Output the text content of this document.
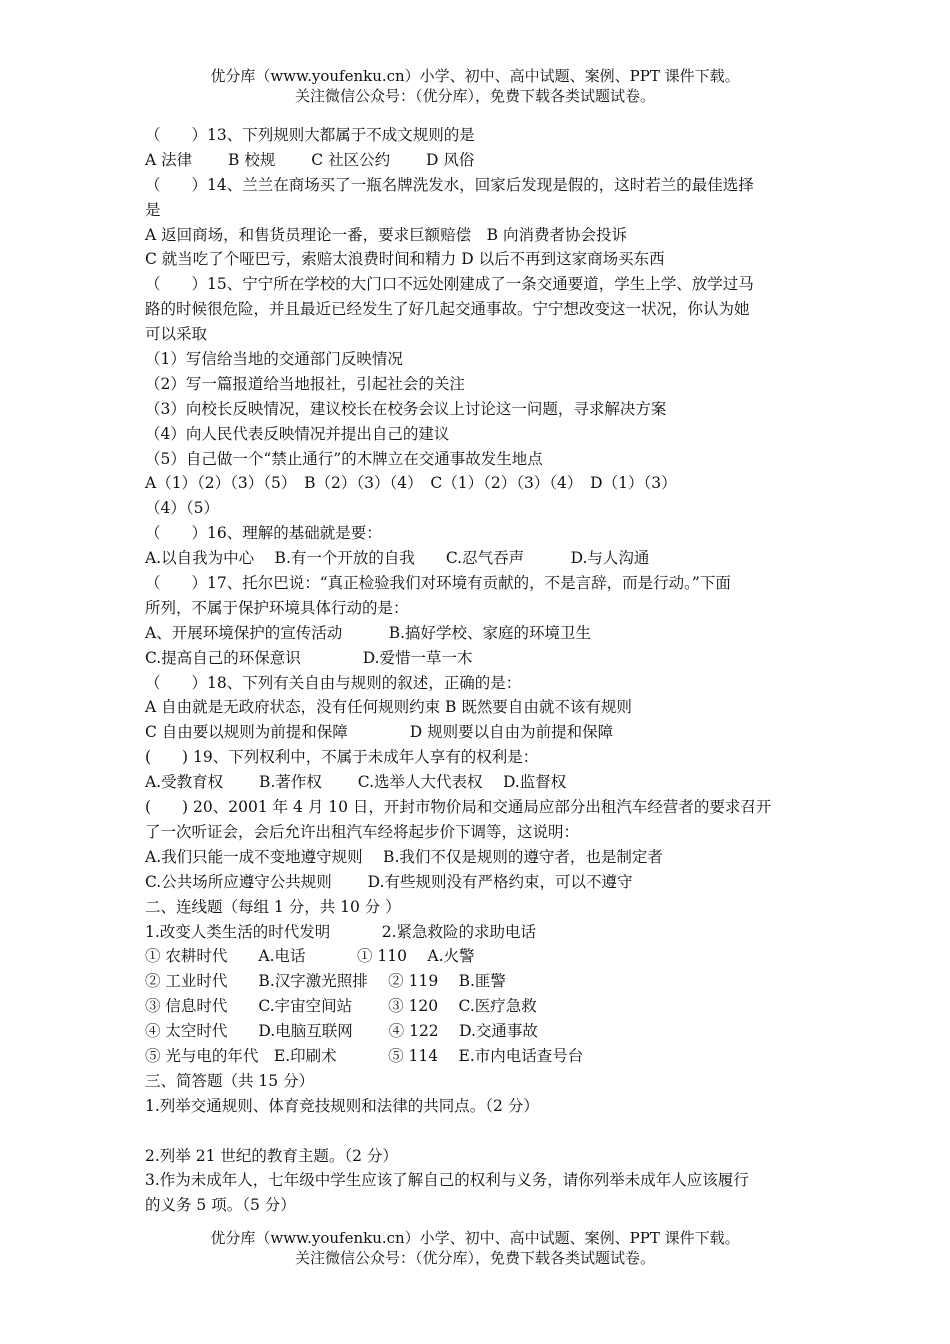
优分库（www.youfenku.cn）小学、初中、高中试题、案例、PPT 课件下载。
关注微信公众号：（优分库），免费下载各类试题试卷。
（　　）13、下列规则大都属于不成文规则的是
A 法律　　 B 校规　　 C 社区公约　　 D 风俗
（　　）14、兰兰在商场买了一瓶名牌洗发水，回家后发现是假的，这时若兰的最佳选择
是
A 返回商场，和售货员理论一番，要求巨额赔偿　B 向消费者协会投诉
C 就当吃了个哑巴亏，索赔太浪费时间和精力 D 以后不再到这家商场买东西
（　　）15、宁宁所在学校的大门口不远处刚建成了一条交通要道，学生上学、放学过马
路的时候很危险，并且最近已经发生了好几起交通事故。宁宁想改变这一状况，你认为她
可以采取
（1）写信给当地的交通部门反映情况
（2）写一篇报道给当地报社，引起社会的关注
（3）向校长反映情况，建议校长在校务会议上讨论这一问题，寻求解决方案
（4）向人民代表反映情况并提出自己的建议
（5）自己做一个“禁止通行”的木牌立在交通事故发生地点
A（1）（2）（3）（5）　B（2）（3）（4）　C（1）（2）（3）（4）　D（1）（3）
（4）（5）
（　　）16、理解的基础就是要：
A.以自我为中心　 B.有一个开放的自我　　C.忍气吞声　　　D.与人沟通
（　　）17、托尔巴说：“真正检验我们对环境有贡献的，不是言辞，而是行动。”下面
所列，不属于保护环境具体行动的是：
A、开展环境保护的宣传活动　　　B.搞好学校、家庭的环境卫生
C.提高自己的环保意识　　　　D.爱惜一草一木
（　　）18、下列有关自由与规则的叙述，正确的是：
A 自由就是无政府状态，没有任何规则约束 B 既然要自由就不该有规则
C 自由要以规则为前提和保障　　　　D 规则要以自由为前提和保障
(　　) 19、下列权利中，不属于未成年人享有的权利是：
A.受教育权　　 B.著作权　　 C.选举人大代表权　 D.监督权
(　　) 20、2001 年 4 月 10 日，开封市物价局和交通局应部分出租汽车经营者的要求召开
了一次听证会，会后允许出租汽车经将起步价下调等，这说明：
A.我们只能一成不变地遵守规则　 B.我们不仅是规则的遵守者，也是制定者
C.公共场所应遵守公共规则　　 D.有些规则没有严格约束，可以不遵守
二、连线题（每组 1 分，共 10 分 ）
1.改变人类生活的时代发明　　　 2.紧急救险的求助电话
① 农耕时代　　A.电话　　　 ① 110　 A.火警
② 工业时代　　B.汉字激光照排　 ② 119　 B.匪警
③ 信息时代　　C.宇宙空间站　　 ③ 120　 C.医疗急救
④ 太空时代　　D.电脑互联网　　 ④ 122　 D.交通事故
⑤ 光与电的年代　E.印刷术　　　 ⑤ 114　 E.市内电话查号台
三、简答题（共 15 分）
1.列举交通规则、体育竞技规则和法律的共同点。（2 分）
2.列举 21 世纪的教育主题。（2 分）
3.作为未成年人，七年级中学生应该了解自己的权利与义务，请你列举未成年人应该履行
的义务 5 项。（5 分）
优分库（www.youfenku.cn）小学、初中、高中试题、案例、PPT 课件下载。
关注微信公众号：（优分库），免费下载各类试题试卷。
